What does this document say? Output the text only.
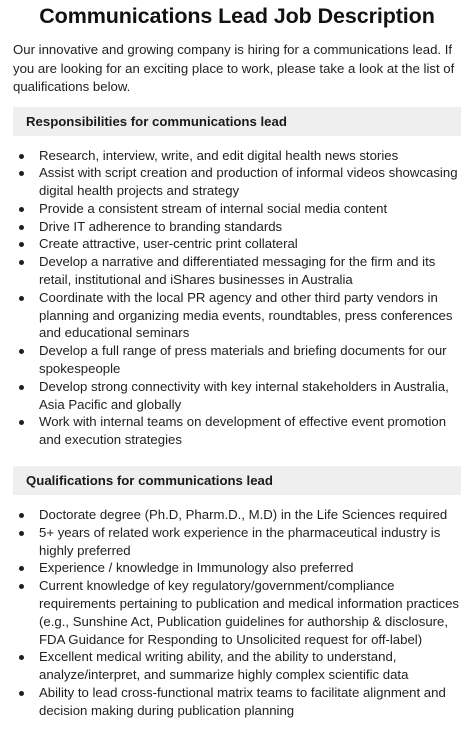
Communications Lead Job Description

Our innovative and growing company is hiring for a communications lead. If you are looking for an exciting place to work, please take a look at the list of qualifications below.

Responsibilities for communications lead
Research, interview, write, and edit digital health news stories
Assist with script creation and production of informal videos showcasing digital health projects and strategy
Provide a consistent stream of internal social media content
Drive IT adherence to branding standards
Create attractive, user-centric print collateral
Develop a narrative and differentiated messaging for the firm and its retail, institutional and iShares businesses in Australia
Coordinate with the local PR agency and other third party vendors in planning and organizing media events, roundtables, press conferences and educational seminars
Develop a full range of press materials and briefing documents for our spokespeople
Develop strong connectivity with key internal stakeholders in Australia, Asia Pacific and globally
Work with internal teams on development of effective event promotion and execution strategies
Qualifications for communications lead
Doctorate degree (Ph.D, Pharm.D., M.D) in the Life Sciences required
5+ years of related work experience in the pharmaceutical industry is highly preferred
Experience / knowledge in Immunology also preferred
Current knowledge of key regulatory/government/compliance requirements pertaining to publication and medical information practices (e.g., Sunshine Act, Publication guidelines for authorship & disclosure, FDA Guidance for Responding to Unsolicited request for off-label)
Excellent medical writing ability, and the ability to understand, analyze/interpret, and summarize highly complex scientific data
Ability to lead cross-functional matrix teams to facilitate alignment and decision making during publication planning
